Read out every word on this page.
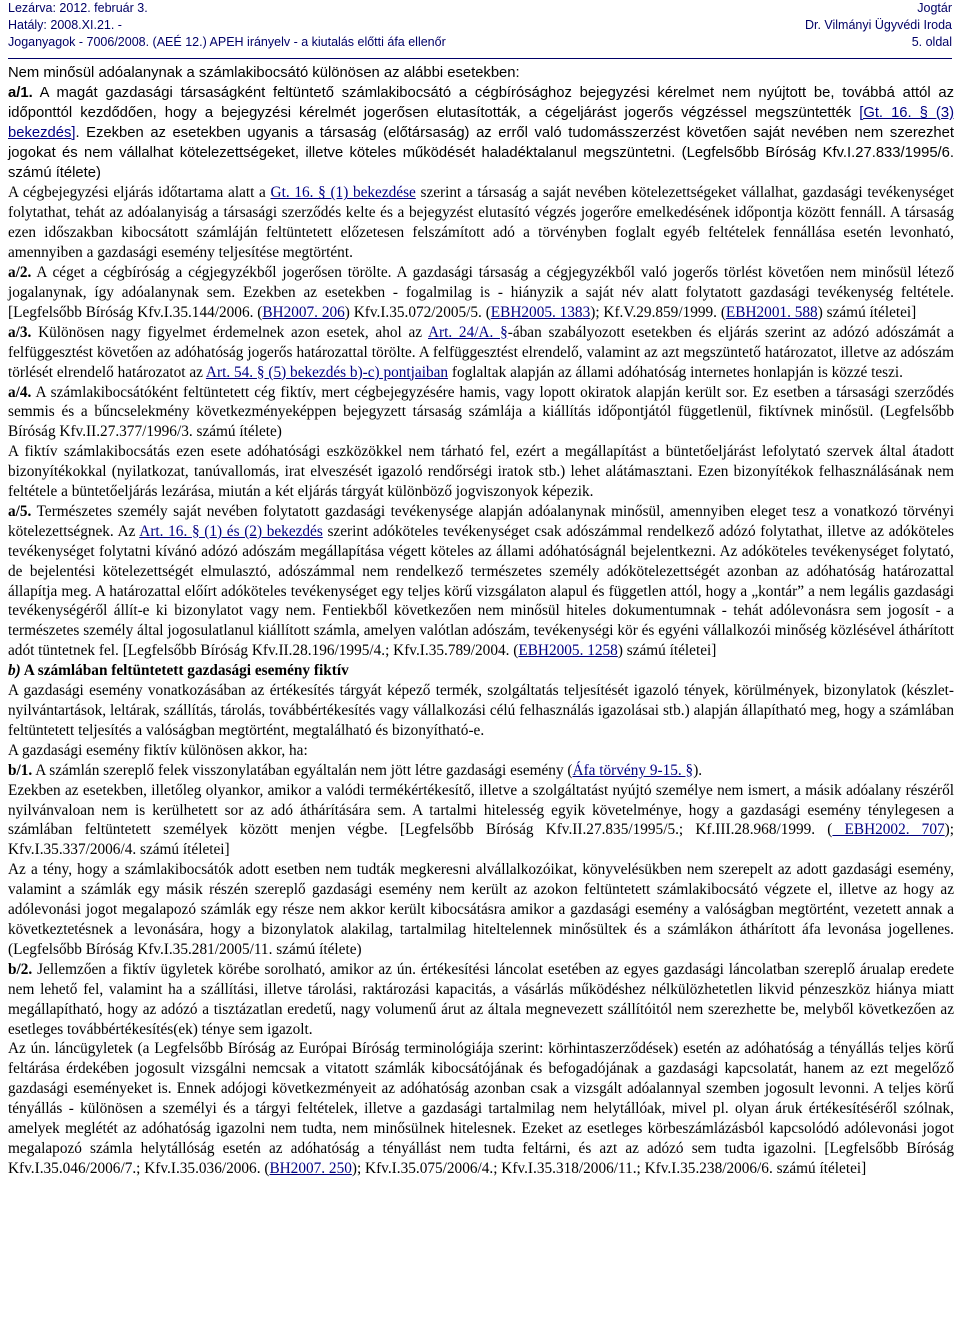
Lezárva: 2012. február 3.
Hatály: 2008.XI.21. -
Joganyagok - 7006/2008. (AEÉ 12.) APEH irányelv - a kiutalás előtti áfa ellenőr
Jogtár
Dr. Vilmányi Ügyvédi Iroda
5. oldal

Nem minősül adóalanynak a számlakibocsátó különösen az alábbi esetekben:

a/1. A magát gazdasági társaságként feltüntető számlakibocsátó a cégbírósághoz bejegyzési kérelmet nem nyújtott be, továbbá attól az időponttól kezdődően, hogy a bejegyzési kérelmét jogerősen elutasították, a cégeljárást jogerős végzéssel megszüntették [Gt. 16. § (3) bekezdés]. Ezekben az esetekben ugyanis a társaság (előtársaság) az erről való tudomásszerzést követően saját nevében nem szerezhet jogokat és nem vállalhat kötelezettségeket, illetve köteles működését haladéktalanul megszüntetni. (Legfelsőbb Bíróság Kfv.I.27.833/1995/6. számú ítélete)

A cégbejegyzési eljárás időtartama alatt a Gt. 16. § (1) bekezdése szerint a társaság a saját nevében kötelezettségeket vállalhat, gazdasági tevékenységet folytathat, tehát az adóalanyiság a társasági szerződés kelte és a bejegyzést elutasító végzés jogerőre emelkedésének időpontja között fennáll. A társaság ezen időszakban kibocsátott számláján feltüntetett előzetesen felszámított adó a törvényben foglalt egyéb feltételek fennállása esetén levonható, amennyiben a gazdasági esemény teljesítése megtörtént.

a/2. A céget a cégbíróság a cégjegyzékből jogerősen törölte. A gazdasági társaság a cégjegyzékből való jogerős törlést követően nem minősül létező jogalanynak, így adóalanynak sem. Ezekben az esetekben - fogalmilag is - hiányzik a saját név alatt folytatott gazdasági tevékenység feltétele. [Legfelsőbb Bíróság Kfv.I.35.144/2006. (BH2007. 206) Kfv.I.35.072/2005/5. (EBH2005. 1383); Kf.V.29.859/1999. (EBH2001. 588) számú ítéletei]

a/3. Különösen nagy figyelmet érdemelnek azon esetek, ahol az Art. 24/A. §-ában szabályozott esetekben és eljárás szerint az adózó adószámát a felfüggesztést követően az adóhatóság jogerős határozattal törölte. A felfüggesztést elrendelő, valamint az azt megszüntető határozatot, illetve az adószám törlését elrendelő határozatot az Art. 54. § (5) bekezdés b)-c) pontjaiban foglaltak alapján az állami adóhatóság internetes honlapján is közzé teszi.

a/4. A számlakibocsátóként feltüntetett cég fiktív, mert cégbejegyzésére hamis, vagy lopott okiratok alapján került sor. Ez esetben a társasági szerződés semmis és a bűncselekmény következményeképpen bejegyzett társaság számlája a kiállítás időpontjától függetlenül, fiktívnek minősül. (Legfelsőbb Bíróság Kfv.II.27.377/1996/3. számú ítélete)

A fiktív számlakibocsátás ezen esete adóhatósági eszközökkel nem tárható fel, ezért a megállapítást a büntetőeljárást lefolytató szervek által átadott bizonyítékokkal (nyilatkozat, tanúvallomás, irat elveszését igazoló rendőrségi iratok stb.) lehet alátámasztani. Ezen bizonyítékok felhasználásának nem feltétele a büntetőeljárás lezárása, miután a két eljárás tárgyát különböző jogviszonyok képezik.

a/5. Természetes személy saját nevében folytatott gazdasági tevékenysége alapján adóalanynak minősül, amennyiben eleget tesz a vonatkozó törvényi kötelezettségnek. Az Art. 16. § (1) és (2) bekezdés szerint adóköteles tevékenységet csak adószámmal rendelkező adózó folytathat, illetve az adóköteles tevékenységet folytatni kívánó adózó adószám megállapítása végett köteles az állami adóhatóságnál bejelentkezni. Az adóköteles tevékenységet folytató, de bejelentési kötelezettségét elmulasztó, adószámmal nem rendelkező természetes személy adókötelezettségét azonban az adóhatóság határozattal állapítja meg. A határozattal előírt adóköteles tevékenységet egy teljes körű vizsgálaton alapul és független attól, hogy a „kontár” a nem legális gazdasági tevékenységéről állít-e ki bizonylatot vagy nem. Fentiekből következően nem minősül hiteles dokumentumnak - tehát adólevonásra sem jogosít - a természetes személy által jogosulatlanul kiállított számla, amelyen valótlan adószám, tevékenységi kör és egyéni vállalkozói minőség közlésével áthárított adót tüntetnek fel. [Legfelsőbb Bíróság Kfv.II.28.196/1995/4.; Kfv.I.35.789/2004. (EBH2005. 1258) számú ítéletei]

b) A számlában feltüntetett gazdasági esemény fiktív

A gazdasági esemény vonatkozásában az értékesítés tárgyát képező termék, szolgáltatás teljesítését igazoló tények, körülmények, bizonylatok (készlet-nyilvántartások, leltárak, szállítás, tárolás, továbbértékesítés vagy vállalkozási célú felhasználás igazolásai stb.) alapján állapítható meg, hogy a számlában feltüntetett teljesítés a valóságban megtörtént, megtalálható és bizonyítható-e.

A gazdasági esemény fiktív különösen akkor, ha:

b/1. A számlán szereplő felek visszonylatában egyáltalán nem jött létre gazdasági esemény (Áfa törvény 9-15. §).

Ezekben az esetekben, illetőleg olyankor, amikor a valódi termékértékesítő, illetve a szolgáltatást nyújtó személye nem ismert, a másik adóalany részéről nyilvánvaloan nem is kerülhetett sor az adó áthárítására sem. A tartalmi hitelesség egyik követelménye, hogy a gazdasági esemény ténylegesen a számlában feltüntetett személyek között menjen végbe. [Legfelsőbb Bíróság Kfv.II.27.835/1995/5.; Kf.III.28.968/1999. ( EBH2002. 707); Kfv.I.35.337/2006/4. számú ítéletei]

Az a tény, hogy a számlakibocsátók adott esetben nem tudták megkeresni alvállalkozóikat, könyvelésükben nem szerepelt az adott gazdasági esemény, valamint a számlák egy másik részén szereplő gazdasági esemény nem került az azokon feltüntetett számlakibocsátó végzete el, illetve az hogy az adólevonási jogot megalapozó számlák egy része nem akkor került kibocsátásra amikor a gazdasági esemény a valóságban megtörtént, vezetett annak a következtetésnek a levonására, hogy a bizonylatok alakilag, tartalmilag hiteltelennek minősültek és a számlákon áthárított áfa levonása jogellenes. (Legfelsőbb Bíróság Kfv.I.35.281/2005/11. számú ítélete)

b/2. Jellemzően a fiktív ügyletek körébe sorolható, amikor az ún. értékesítési láncolat esetében az egyes gazdasági láncolatban szereplő árualap eredete nem lehető fel, valamint ha a szállítási, illetve tárolási, raktározási kapacitás, a vásárlás működéshez nélkülözhetetlen likvid pénzeszköz hiánya miatt megállapítható, hogy az adózó a tisztázatlan eredetű, nagy volumenű árut az általa megnevezett szállítóitól nem szerezhette be, melyből következően az esetleges továbbértékesítés(ek) ténye sem igazolt.

Az ún. láncügyletek (a Legfelsőbb Bíróság az Európai Bíróság terminológiája szerint: körhintaszerződések) esetén az adóhatóság a tényállás teljes körű feltárása érdekében jogosult vizsgálni nemcsak a vitatott számlák kibocsátójának és befogadójának a gazdasági kapcsolatát, hanem az ezt megelőző gazdasági eseményeket is. Ennek adójogi következményeit az adóhatóság azonban csak a vizsgált adóalannyal szemben jogosult levonni. A teljes körű tényállás - különösen a személyi és a tárgyi feltételek, illetve a gazdasági tartalmilag nem helytállóak, mivel pl. olyan áruk értékesítéséről szólnak, amelyek meglétét az adóhatóság igazolni nem tudta, nem minősülnek hitelesnek. Ezeket az esetleges körbeszámlázásból kapcsolódó adólevonási jogot megalapozó számla helytállóság esetén az adóhatóság a tényállást nem tudta feltárni, és azt az adózó sem tudta igazolni. [Legfelsőbb Bíróság Kfv.I.35.046/2006/7.; Kfv.I.35.036/2006. (BH2007. 250); Kfv.I.35.075/2006/4.; Kfv.I.35.318/2006/11.; Kfv.I.35.238/2006/6. számú ítéletei]
